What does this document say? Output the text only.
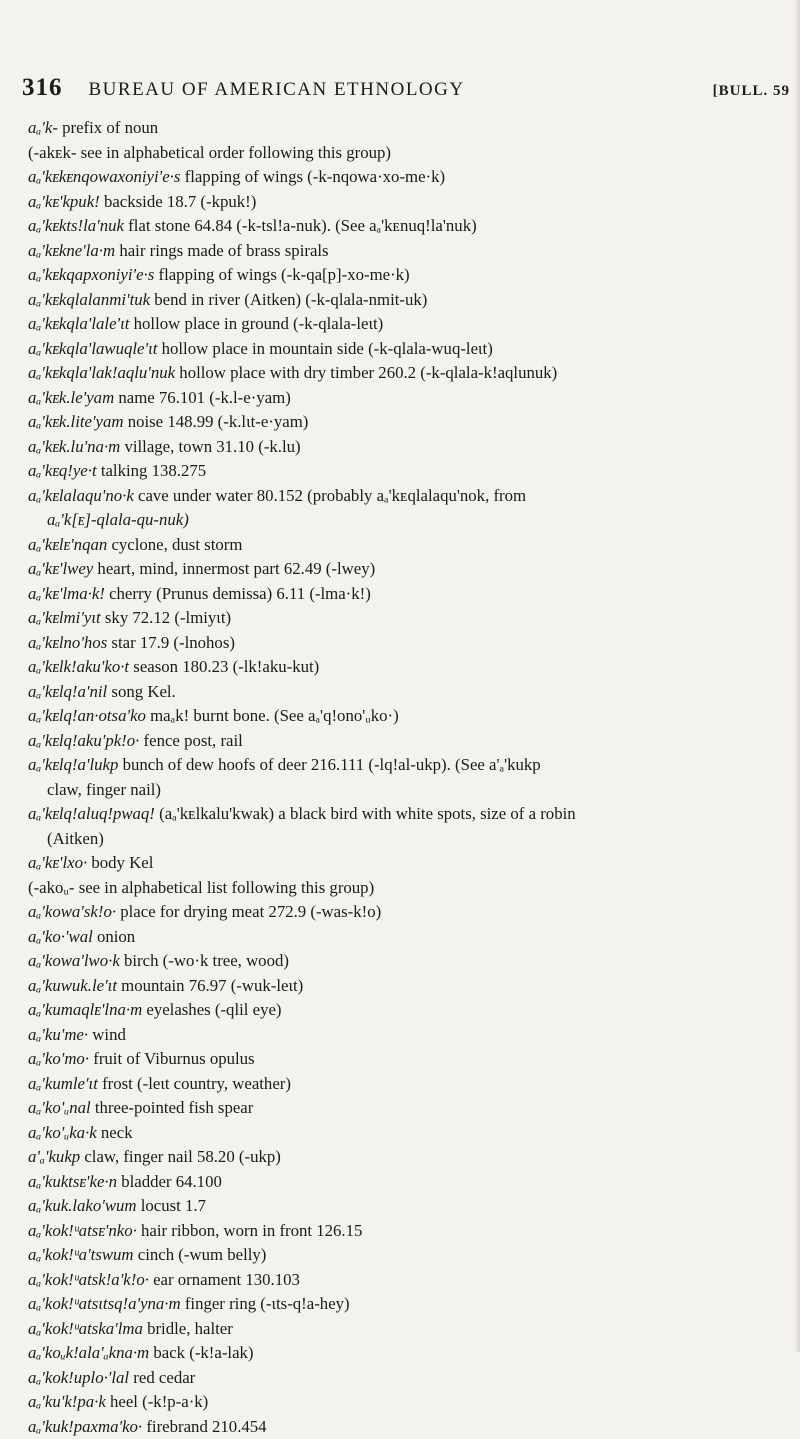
316 BUREAU OF AMERICAN ETHNOLOGY	[BULL. 59
aₐ'k- prefix of noun
(-akᴇk- see in alphabetical order following this group)
aₐ'kᴇkᴇnqowaxoniyi'e·s flapping of wings (-k-nqowa·xo-me·k)
aₐ'kᴇ'kpuk! backside 18.7 (-kpuk!)
aₐ'kᴇkts!la'nuk flat stone 64.84 (-k-tsl!a-nuk). (See aₐ'kᴇnuq!la'nuk)
aₐ'kᴇkne'la·m hair rings made of brass spirals
aₐ'kᴇkqapxoniyi'e·s flapping of wings (-k-qa[p]-xo-me·k)
aₐ'kᴇkqlalanmi'tuk bend in river (Aitken) (-k-qlala-nmit-uk)
aₐ'kᴇkqla'lale'ɩt hollow place in ground (-k-qlala-leɩt)
aₐ'kᴇkqla'lawuqle'ɩt hollow place in mountain side (-k-qlala-wuq-leɩt)
aₐ'kᴇkqla'lak!aqlu'nuk hollow place with dry timber 260.2 (-k-qlala-k!aqlunuk)
aₐ'kᴇk.le'yam name 76.101 (-k.l-e·yam)
aₐ'kᴇk.lite'yam noise 148.99 (-k.lɩt-e·yam)
aₐ'kᴇk.lu'na·m village, town 31.10 (-k.lu)
aₐ'kᴇq!ye·t talking 138.275
aₐ'kᴇlalaqu'no·k cave under water 80.152 (probably aₐ'kᴇqlalaqu'nok, from
aₐ'k[ᴇ]-qlala-qu-nuk)
aₐ'kᴇlᴇ'nqan cyclone, dust storm
aₐ'kᴇ'lwey heart, mind, innermost part 62.49 (-lwey)
aₐ'kᴇ'lma·k! cherry (Prunus demissa) 6.11 (-lma·k!)
aₐ'kᴇlmi'yɩt sky 72.12 (-lmiyɩt)
aₐ'kᴇlno'hos star 17.9 (-lnohos)
aₐ'kᴇlk!aku'ko·t season 180.23 (-lk!aku-kut)
aₐ'kᴇlq!a'nil song Kel.
aₐ'kᴇlq!an·otsa'ko maₐk! burnt bone. (See aₐ'q!ono'ᵤko·)
aₐ'kᴇlq!aku'pk!o· fence post, rail
aₐ'kᴇlq!a'lukp bunch of dew hoofs of deer 216.111 (-lq!al-ukp). (See a'ₐ'kukp
claw, finger nail)
aₐ'kᴇlq!aluq!pwaq! (aₐ'kᴇlkalu'kwak) a black bird with white spots, size of a robin
(Aitken)
aₐ'kᴇ'lxo· body Kel
(-akoᵤ- see in alphabetical list following this group)
aₐ'kowa'sk!o· place for drying meat 272.9 (-was-k!o)
aₐ'ko·'wal onion
aₐ'kowa'lwo·k birch (-wo·k tree, wood)
aₐ'kuwuk.le'ɩt mountain 76.97 (-wuk-leɩt)
aₐ'kumaqlᴇ'lna·m eyelashes (-qlil eye)
aₐ'ku'me· wind
aₐ'ko'mo· fruit of Viburnus opulus
aₐ'kumle'ɩt frost (-leɩt country, weather)
aₐ'ko'ᵤnal three-pointed fish spear
aₐ'ko'ᵤka·k neck
a'ₐ'kukp claw, finger nail 58.20 (-ukp)
aₐ'kuktsᴇ'ke·n bladder 64.100
aₐ'kuk.lako'wum locust 1.7
aₐ'kok!ᵘatsᴇ'nko· hair ribbon, worn in front 126.15
aₐ'kok!ᵘa'tswum cinch (-wum belly)
aₐ'kok!ᵘatsk!a'k!o· ear ornament 130.103
aₐ'kok!ᵘatsɩtsq!a'yna·m finger ring (-ɩts-q!a-hey)
aₐ'kok!ᵘatska'lma bridle, halter
aₐ'koᵤk!ala'ₐkna·m back (-k!a-lak)
aₐ'kok!uplo·'lal red cedar
aₐ'ku'k!pa·k heel (-k!p-a·k)
aₐ'kuk!paxma'ko· firebrand 210.454
